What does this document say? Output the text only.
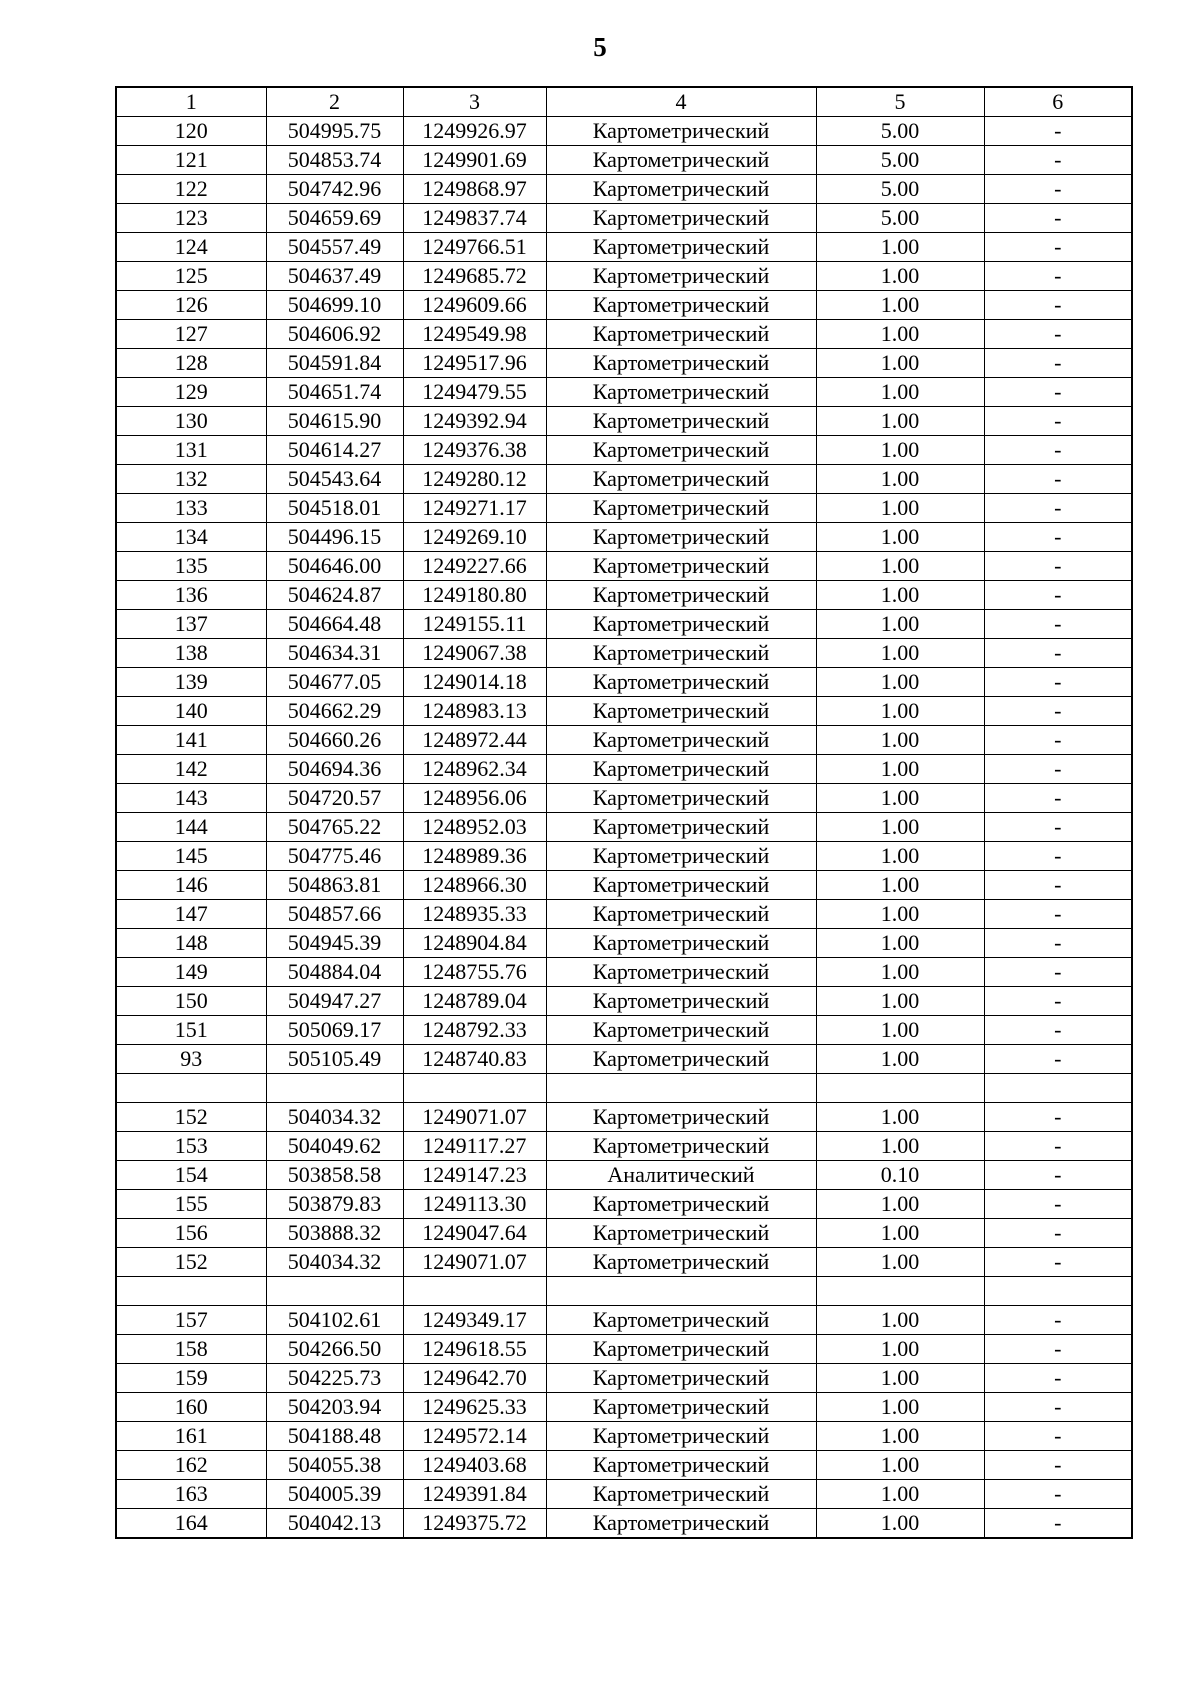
5
1	2	3	4	5	6
120	504995.75	1249926.97	Картометрический	5.00	-
121	504853.74	1249901.69	Картометрический	5.00	-
122	504742.96	1249868.97	Картометрический	5.00	-
123	504659.69	1249837.74	Картометрический	5.00	-
124	504557.49	1249766.51	Картометрический	1.00	-
125	504637.49	1249685.72	Картометрический	1.00	-
126	504699.10	1249609.66	Картометрический	1.00	-
127	504606.92	1249549.98	Картометрический	1.00	-
128	504591.84	1249517.96	Картометрический	1.00	-
129	504651.74	1249479.55	Картометрический	1.00	-
130	504615.90	1249392.94	Картометрический	1.00	-
131	504614.27	1249376.38	Картометрический	1.00	-
132	504543.64	1249280.12	Картометрический	1.00	-
133	504518.01	1249271.17	Картометрический	1.00	-
134	504496.15	1249269.10	Картометрический	1.00	-
135	504646.00	1249227.66	Картометрический	1.00	-
136	504624.87	1249180.80	Картометрический	1.00	-
137	504664.48	1249155.11	Картометрический	1.00	-
138	504634.31	1249067.38	Картометрический	1.00	-
139	504677.05	1249014.18	Картометрический	1.00	-
140	504662.29	1248983.13	Картометрический	1.00	-
141	504660.26	1248972.44	Картометрический	1.00	-
142	504694.36	1248962.34	Картометрический	1.00	-
143	504720.57	1248956.06	Картометрический	1.00	-
144	504765.22	1248952.03	Картометрический	1.00	-
145	504775.46	1248989.36	Картометрический	1.00	-
146	504863.81	1248966.30	Картометрический	1.00	-
147	504857.66	1248935.33	Картометрический	1.00	-
148	504945.39	1248904.84	Картометрический	1.00	-
149	504884.04	1248755.76	Картометрический	1.00	-
150	504947.27	1248789.04	Картометрический	1.00	-
151	505069.17	1248792.33	Картометрический	1.00	-
93	505105.49	1248740.83	Картометрический	1.00	-

152	504034.32	1249071.07	Картометрический	1.00	-
153	504049.62	1249117.27	Картометрический	1.00	-
154	503858.58	1249147.23	Аналитический	0.10	-
155	503879.83	1249113.30	Картометрический	1.00	-
156	503888.32	1249047.64	Картометрический	1.00	-
152	504034.32	1249071.07	Картометрический	1.00	-

157	504102.61	1249349.17	Картометрический	1.00	-
158	504266.50	1249618.55	Картометрический	1.00	-
159	504225.73	1249642.70	Картометрический	1.00	-
160	504203.94	1249625.33	Картометрический	1.00	-
161	504188.48	1249572.14	Картометрический	1.00	-
162	504055.38	1249403.68	Картометрический	1.00	-
163	504005.39	1249391.84	Картометрический	1.00	-
164	504042.13	1249375.72	Картометрический	1.00	-
